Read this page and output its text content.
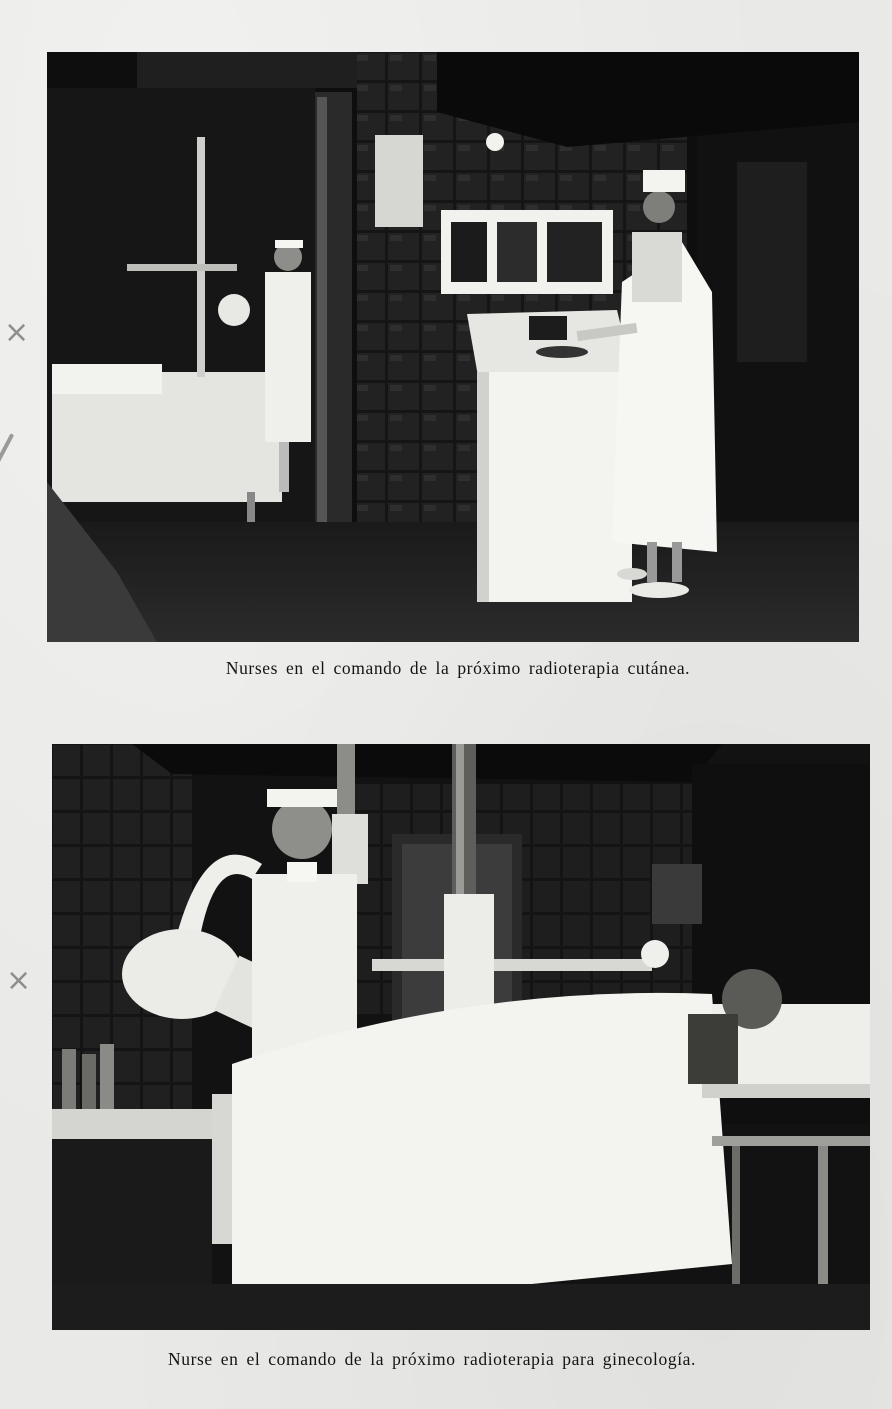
×
×
Nurses en el comando de la próximo radioterapia cutánea.
Nurse en el comando de la próximo radioterapia para ginecología.
